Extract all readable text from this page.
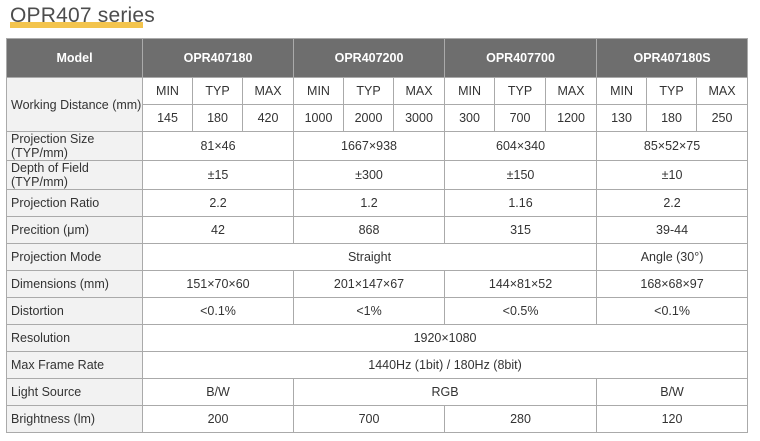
OPR407 series
Model	OPR407180			OPR407200			OPR407700			OPR407180S		
Working Distance (mm)	MIN	TYP	MAX	MIN	TYP	MAX	MIN	TYP	MAX	MIN	TYP	MAX
	145	180	420	1000	2000	3000	300	700	1200	130	180	250
Projection Size (TYP/mm)	81×46			1667×938			604×340			85×52×75		
Depth of Field (TYP/mm)	±15			±300			±150			±10		
Projection Ratio	2.2			1.2			1.16			2.2		
Precition (μm)	42			868			315			39-44		
Projection Mode	Straight									Angle (30°)		
Dimensions (mm)	151×70×60			201×147×67			144×81×52			168×68×97		
Distortion	<0.1%			<1%			<0.5%			<0.1%		
Resolution	1920×1080											
Max Frame Rate	1440Hz (1bit) / 180Hz (8bit)											
Light Source	B/W			RGB						B/W		
Brightness (lm)	200			700			280			120		
